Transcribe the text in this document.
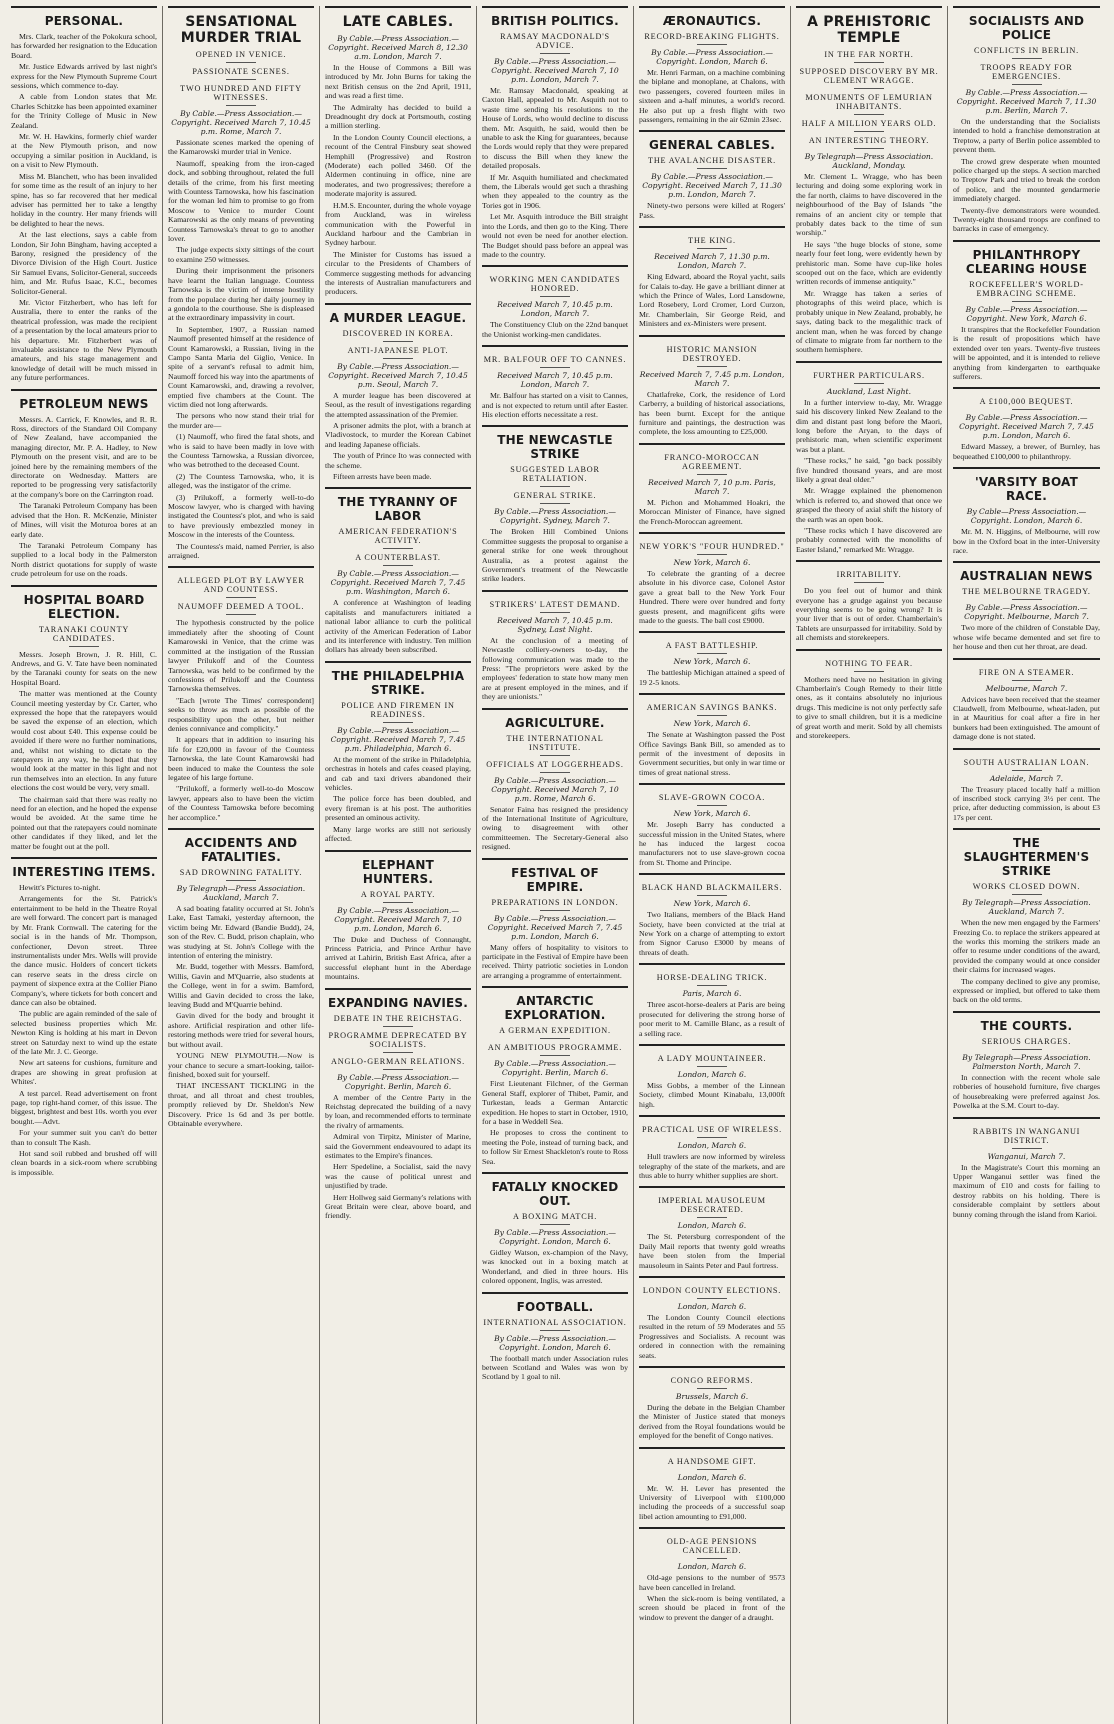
PERSONAL.

Mrs. Clark, teacher of the Pokokura school, has forwarded her resignation to the Education Board.

Mr. Justice Edwards arrived by last night's express for the New Plymouth Supreme Court sessions, which commence to-day.

A cable from London states that Mr. Charles Schitzke has been appointed examiner for the Trinity College of Music in New Zealand.

Mr. W. H. Hawkins, formerly chief warder at the New Plymouth prison, and now occupying a similar position in Auckland, is on a visit to New Plymouth.

Miss M. Blanchett, who has been invalided for some time as the result of an injury to her spine, has so far recovered that her medical adviser has permitted her to take a lengthy holiday in the country. Her many friends will be delighted to hear the news.

At the last elections, says a cable from London, Sir John Bingham, having accepted a Barony, resigned the presidency of the Divorce Division of the High Court. Justice Sir Samuel Evans, Solicitor-General, succeeds him, and Mr. Rufus Isaac, K.C., becomes Solicitor-General.

Mr. Victor Fitzherbert, who has left for Australia, there to enter the ranks of the theatrical profession, was made the recipient of a presentation by the local amateurs prior to his departure. Mr. Fitzherbert was of invaluable assistance to the New Plymouth amateurs, and his stage management and knowledge of detail will be much missed in any future performances.

PETROLEUM NEWS

Messrs. A. Carrick, F. Knowles, and R. R. Ross, directors of the Standard Oil Company of New Zealand, have accompanied the managing director, Mr. P. A. Hadley, to New Plymouth on the present visit, and are to be joined here by the remaining members of the directorate on Wednesday. Matters are reported to be progressing very satisfactorily at the company's bore on the Carrington road.

The Taranaki Petroleum Company has been advised that the Hon. R. McKenzie, Minister of Mines, will visit the Moturoa bores at an early date.

The Taranaki Petroleum Company has supplied to a local body in the Palmerston North district quotations for supply of waste crude petroleum for use on the roads.

HOSPITAL BOARD ELECTION.
TARANAKI COUNTY CANDIDATES.

Messrs. Joseph Brown, J. R. Hill, C. Andrews, and G. V. Tate have been nominated by the Taranaki county for seats on the new Hospital Board.

The matter was mentioned at the County Council meeting yesterday by Cr. Carter, who expressed the hope that the ratepayers would be saved the expense of an election, which would cost about £40. This expense could be avoided if there were no further nominations, and, whilst not wishing to dictate to the ratepayers in any way, he hoped that they would look at the matter in this light and not run themselves into an election. In any future elections the cost would be very, very small.

The chairman said that there was really no need for an election, and he hoped the expense would be avoided. At the same time he pointed out that the ratepayers could nominate other candidates if they liked, and let the matter be fought out at the poll.

INTERESTING ITEMS.

Hewitt's Pictures to-night.

Arrangements for the St. Patrick's entertainment to be held in the Theatre Royal are well forward. The concert part is managed by Mr. Frank Cornwall. The catering for the social is in the hands of Mr. Thompson, confectioner, Devon street. Three instrumentalists under Mrs. Wells will provide the dance music. Holders of concert tickets can reserve seats in the dress circle on payment of sixpence extra at the Collier Piano Company's, where tickets for both concert and dance can also be obtained.

The public are again reminded of the sale of selected business properties which Mr. Newton King is holding at his mart in Devon street on Saturday next to wind up the estate of the late Mr. J. C. George.

New art sateens for cushions, furniture and drapes are showing in great profusion at Whites'.

A test parcel. Read advertisement on front page, top right-hand corner, of this issue. The biggest, brightest and best 10s. worth you ever bought.—Advt.

For your summer suit you can't do better than to consult The Kash.

Hot sand soil rubbed and brushed off will clean boards in a sick-room where scrubbing is impossible.

SENSATIONAL MURDER TRIAL
OPENED IN VENICE.
PASSIONATE SCENES.
TWO HUNDRED AND FIFTY WITNESSES.
By Cable.—Press Association.—Copyright. Received March 7, 10.45 p.m. Rome, March 7.

Passionate scenes marked the opening of the Kamarowski murder trial in Venice.

Naumoff, speaking from the iron-caged dock, and sobbing throughout, related the full details of the crime, from his first meeting with Countess Tarnowska, how his fascination for the woman led him to promise to go from Moscow to Venice to murder Count Kamarowski as the only means of preventing Countess Tarnowska's threat to go to another lover.

The judge expects sixty sittings of the court to examine 250 witnesses.

During their imprisonment the prisoners have learnt the Italian language. Countess Tarnowska is the victim of intense hostility from the populace during her daily journey in a gondola to the courthouse. She is displeased at the extraordinary impassivity in court.

In September, 1907, a Russian named Naumoff presented himself at the residence of Count Kamarowski, a Russian, living in the Campo Santa Maria del Giglio, Venice. In spite of a servant's refusal to admit him, Naumoff forced his way into the apartments of Count Kamarowski, and, drawing a revolver, emptied five chambers at the Count. The victim died not long afterwards.

The persons who now stand their trial for the murder are—

(1) Naumoff, who fired the fatal shots, and who is said to have been madly in love with the Countess Tarnowska, a Russian divorcee, who was betrothed to the deceased Count.

(2) The Countess Tarnowska, who, it is alleged, was the instigator of the crime.

(3) Prilukoff, a formerly well-to-do Moscow lawyer, who is charged with having instigated the Countess's plot, and who is said to have previously embezzled money in Moscow in the interests of the Countess.

The Countess's maid, named Perrier, is also arraigned.

ALLEGED PLOT BY LAWYER AND COUNTESS.
NAUMOFF DEEMED A TOOL.

The hypothesis constructed by the police immediately after the shooting of Count Kamarowski in Venice, that the crime was committed at the instigation of the Russian lawyer Prilukoff and of the Countess Tarnowska, was held to be confirmed by the confessions of Prilukoff and the Countess Tarnowska themselves.

"Each [wrote The Times' correspondent] seeks to throw as much as possible of the responsibility upon the other, but neither denies connivance and complicity."

It appears that in addition to insuring his life for £20,000 in favour of the Countess Tarnowska, the late Count Kamarowski had been induced to make the Countess the sole legatee of his large fortune.

"Prilukoff, a formerly well-to-do Moscow lawyer, appears also to have been the victim of the Countess Tarnowska before becoming her accomplice."

ACCIDENTS AND FATALITIES.
SAD DROWNING FATALITY.
By Telegraph—Press Association. Auckland, March 7.

A sad boating fatality occurred at St. John's Lake, East Tamaki, yesterday afternoon, the victim being Mr. Edward (Bandie Budd), 24, son of the Rev. C. Budd, prison chaplain, who was studying at St. John's College with the intention of entering the ministry.

Mr. Budd, together with Messrs. Bamford, Willis, Gavin and M'Quarrie, also students at the College, went in for a swim. Bamford, Willis and Gavin decided to cross the lake, leaving Budd and M'Quarrie behind.

Gavin dived for the body and brought it ashore. Artificial respiration and other life-restoring methods were tried for several hours, but without avail.

YOUNG NEW PLYMOUTH.—Now is your chance to secure a smart-looking, tailor-finished, boxed suit for yourself.

THAT INCESSANT TICKLING in the throat, and all throat and chest troubles, promptly relieved by Dr. Sheldon's New Discovery. Price 1s 6d and 3s per bottle. Obtainable everywhere.

LATE CABLES.
By Cable.—Press Association.—Copyright. Received March 8, 12.30 a.m. London, March 7.

In the House of Commons a Bill was introduced by Mr. John Burns for taking the next British census on the 2nd April, 1911, and was read a first time.

The Admiralty has decided to build a Dreadnought dry dock at Portsmouth, costing a million sterling.

In the London County Council elections, a recount of the Central Finsbury seat showed Hemphill (Progressive) and Rostron (Moderate) each polled 3460. Of the Aldermen continuing in office, nine are moderates, and two progressives; therefore a moderate majority is assured.

H.M.S. Encounter, during the whole voyage from Auckland, was in wireless communication with the Powerful in Auckland harbour and the Cambrian in Sydney harbour.

The Minister for Customs has issued a circular to the Presidents of Chambers of Commerce suggesting methods for advancing the interests of Australian manufacturers and producers.

A MURDER LEAGUE.
DISCOVERED IN KOREA.
ANTI-JAPANESE PLOT.
By Cable.—Press Association.—Copyright. Received March 7, 10.45 p.m. Seoul, March 7.

A murder league has been discovered at Seoul, as the result of investigations regarding the attempted assassination of the Premier.

A prisoner admits the plot, with a branch at Vladivostock, to murder the Korean Cabinet and leading Japanese officials.

The youth of Prince Ito was connected with the scheme.

Fifteen arrests have been made.

THE TYRANNY OF LABOR
AMERICAN FEDERATION'S ACTIVITY.
A COUNTERBLAST.
By Cable.—Press Association.—Copyright. Received March 7, 7.45 p.m. Washington, March 6.

A conference at Washington of leading capitalists and manufacturers initiated a national labor alliance to curb the political activity of the American Federation of Labor and its interference with industry. Ten million dollars has already been subscribed.

THE PHILADELPHIA STRIKE.
POLICE AND FIREMEN IN READINESS.
By Cable.—Press Association.—Copyright. Received March 7, 7.45 p.m. Philadelphia, March 6.

At the moment of the strike in Philadelphia, orchestras in hotels and cafes ceased playing, and cab and taxi drivers abandoned their vehicles.

The police force has been doubled, and every fireman is at his post. The authorities presented an ominous activity.

Many large works are still not seriously affected.

ELEPHANT HUNTERS.
A ROYAL PARTY.
By Cable.—Press Association.—Copyright. Received March 7, 10 p.m. London, March 6.

The Duke and Duchess of Connaught, Princess Patricia, and Prince Arthur have arrived at Lahirin, British East Africa, after a successful elephant hunt in the Aberdage mountains.

EXPANDING NAVIES.
DEBATE IN THE REICHSTAG.
PROGRAMME DEPRECATED BY SOCIALISTS.
ANGLO-GERMAN RELATIONS.
By Cable.—Press Association.—Copyright. Berlin, March 6.

A member of the Centre Party in the Reichstag deprecated the building of a navy by loan, and recommended efforts to terminate the rivalry of armaments.

Admiral von Tirpitz, Minister of Marine, said the Government endeavoured to adapt its estimates to the Empire's finances.

Herr Spedeline, a Socialist, said the navy was the cause of political unrest and unjustified by trade.

Herr Hollweg said Germany's relations with Great Britain were clear, above board, and friendly.

BRITISH POLITICS.
RAMSAY MACDONALD'S ADVICE.
By Cable.—Press Association.—Copyright. Received March 7, 10 p.m. London, March 7.

Mr. Ramsay Macdonald, speaking at Caxton Hall, appealed to Mr. Asquith not to waste time sending his resolutions to the House of Lords, who would decline to discuss them. Mr. Asquith, he said, would then be unable to ask the King for guarantees, because the Lords would reply that they were prepared to discuss the Bill when they knew the detailed proposals.

If Mr. Asquith humiliated and checkmated them, the Liberals would get such a thrashing when they appealed to the country as the Tories got in 1906.

Let Mr. Asquith introduce the Bill straight into the Lords, and then go to the King. There would not even be need for another election. The Budget should pass before an appeal was made to the country.

WORKING MEN CANDIDATES HONORED.
Received March 7, 10.45 p.m. London, March 7.

The Constituency Club on the 22nd banquet the Unionist working-men candidates.

MR. BALFOUR OFF TO CANNES.
Received March 7, 10.45 p.m. London, March 7.

Mr. Balfour has started on a visit to Cannes, and is not expected to return until after Easter. His election efforts necessitate a rest.

THE NEWCASTLE STRIKE
SUGGESTED LABOR RETALIATION.
GENERAL STRIKE.
By Cable.—Press Association.—Copyright. Sydney, March 7.

The Broken Hill Combined Unions Committee suggests the proposal to organise a general strike for one week throughout Australia, as a protest against the Government's treatment of the Newcastle strike leaders.

STRIKERS' LATEST DEMAND.
Received March 7, 10.45 p.m. Sydney, Last Night.

At the conclusion of a meeting of Newcastle colliery-owners to-day, the following communication was made to the Press: "The proprietors were asked by the employees' federation to state how many men are at present employed in the mines, and if they are unionists."

AGRICULTURE.
THE INTERNATIONAL INSTITUTE.
OFFICIALS AT LOGGERHEADS.
By Cable.—Press Association.—Copyright. Received March 7, 10 p.m. Rome, March 6.

Senator Faina has resigned the presidency of the International Institute of Agriculture, owing to disagreement with other committeemen. The Secretary-General also resigned.

FESTIVAL OF EMPIRE.
PREPARATIONS IN LONDON.
By Cable.—Press Association.—Copyright. Received March 7, 7.45 p.m. London, March 6.

Many offers of hospitality to visitors to participate in the Festival of Empire have been received. Thirty patriotic societies in London are arranging a programme of entertainment.

ANTARCTIC EXPLORATION.
A GERMAN EXPEDITION.
AN AMBITIOUS PROGRAMME.
By Cable.—Press Association.—Copyright. Berlin, March 6.

First Lieutenant Filchner, of the German General Staff, explorer of Thibet, Pamir, and Turkestan, leads a German Antarctic expedition. He hopes to start in October, 1910, for a base in Weddell Sea.

He proposes to cross the continent to meeting the Pole, instead of turning back, and to follow Sir Ernest Shackleton's route to Ross Sea.

FATALLY KNOCKED OUT.
A BOXING MATCH.
By Cable.—Press Association.—Copyright. London, March 6.

Gidley Watson, ex-champion of the Navy, was knocked out in a boxing match at Wonderland, and died in three hours. His colored opponent, Inglis, was arrested.

FOOTBALL.
INTERNATIONAL ASSOCIATION.
By Cable.—Press Association.—Copyright. London, March 6.

The football match under Association rules between Scotland and Wales was won by Scotland by 1 goal to nil.

ÆRONAUTICS.
RECORD-BREAKING FLIGHTS.
By Cable.—Press Association.—Copyright. London, March 6.

Mr. Henri Farman, on a machine combining the biplane and monoplane, at Chalons, with two passengers, covered fourteen miles in sixteen and a-half minutes, a world's record. He also put up a fresh flight with two passengers, remaining in the air 62min 23sec.

GENERAL CABLES.
THE AVALANCHE DISASTER.
By Cable.—Press Association.—Copyright. Received March 7, 11.30 p.m. London, March 7.

Ninety-two persons were killed at Rogers' Pass.

THE KING.
Received March 7, 11.30 p.m. London, March 7.

King Edward, aboard the Royal yacht, sails for Calais to-day. He gave a brilliant dinner at which the Prince of Wales, Lord Lansdowne, Lord Rosebery, Lord Cromer, Lord Curzon, Mr. Chamberlain, Sir George Reid, and Ministers and ex-Ministers were present.

HISTORIC MANSION DESTROYED.
Received March 7, 7.45 p.m. London, March 7.

Chatlafreke, Cork, the residence of Lord Carberry, a building of historical associations, has been burnt. Except for the antique furniture and paintings, the destruction was complete, the loss amounting to £25,000.

FRANCO-MOROCCAN AGREEMENT.
Received March 7, 10 p.m. Paris, March 7.

M. Pichon and Mohammed Hoakri, the Moroccan Minister of Finance, have signed the French-Moroccan agreement.

NEW YORK'S "FOUR HUNDRED."
New York, March 6.

To celebrate the granting of a decree absolute in his divorce case, Colonel Astor gave a great ball to the New York Four Hundred. There were over hundred and forty guests present, and magnificent gifts were made to the guests. The ball cost £9000.

A FAST BATTLESHIP.
New York, March 6.

The battleship Michigan attained a speed of 19 2-5 knots.

AMERICAN SAVINGS BANKS.
New York, March 6.

The Senate at Washington passed the Post Office Savings Bank Bill, so amended as to permit of the investment of deposits in Government securities, but only in war time or times of great national stress.

SLAVE-GROWN COCOA.
New York, March 6.

Mr. Joseph Barry has conducted a successful mission in the United States, where he has induced the largest cocoa manufacturers not to use slave-grown cocoa from St. Thome and Principe.

BLACK HAND BLACKMAILERS.
New York, March 6.

Two Italians, members of the Black Hand Society, have been convicted at the trial at New York on a charge of attempting to extort from Signor Caruso £3000 by means of threats of death.

HORSE-DEALING TRICK.
Paris, March 6.

Three ascot-horse-dealers at Paris are being prosecuted for delivering the strong horse of poor merit to M. Camille Blanc, as a result of a selling race.

A LADY MOUNTAINEER.
London, March 6.

Miss Gobbs, a member of the Linnean Society, climbed Mount Kinabalu, 13,000ft high.

PRACTICAL USE OF WIRELESS.
London, March 6.

Hull trawlers are now informed by wireless telegraphy of the state of the markets, and are thus able to hurry whither supplies are short.

IMPERIAL MAUSOLEUM DESECRATED.
London, March 6.

The St. Petersburg correspondent of the Daily Mail reports that twenty gold wreaths have been stolen from the Imperial mausoleum in Saints Peter and Paul fortress.

LONDON COUNTY ELECTIONS.
London, March 6.

The London County Council elections resulted in the return of 59 Moderates and 55 Progressives and Socialists. A recount was ordered in connection with the remaining seats.

CONGO REFORMS.
Brussels, March 6.

During the debate in the Belgian Chamber the Minister of Justice stated that moneys derived from the Royal foundations would be employed for the benefit of Congo natives.

A HANDSOME GIFT.
London, March 6.

Mr. W. H. Lever has presented the University of Liverpool with £100,000 including the proceeds of a successful soap libel action amounting to £91,000.

OLD-AGE PENSIONS CANCELLED.
London, March 6.

Old-age pensions to the number of 9573 have been cancelled in Ireland.

When the sick-room is being ventilated, a screen should be placed in front of the window to prevent the danger of a draught.

A PREHISTORIC TEMPLE
IN THE FAR NORTH.
SUPPOSED DISCOVERY BY MR. CLEMENT WRAGGE.
MONUMENTS OF LEMURIAN INHABITANTS.
HALF A MILLION YEARS OLD.
AN INTERESTING THEORY.
By Telegraph—Press Association. Auckland, Monday.

Mr. Clement L. Wragge, who has been lecturing and doing some exploring work in the far north, claims to have discovered in the neighbourhood of the Bay of Islands "the remains of an ancient city or temple that probably dates back to the time of sun worship."

He says "the huge blocks of stone, some nearly four feet long, were evidently hewn by prehistoric man. Some have cup-like holes scooped out on the face, which are evidently written records of immense antiquity."

Mr. Wragge has taken a series of photographs of this weird place, which is probably unique in New Zealand, probably, he says, dating back to the megalithic track of ancient man, when he was forced by change of climate to migrate from far northern to the southern hemisphere.

FURTHER PARTICULARS.
Auckland, Last Night.

In a further interview to-day, Mr. Wragge said his discovery linked New Zealand to the dim and distant past long before the Maori, long before the Aryan, to the days of prehistoric man, when scientific experiment was but a plant.

"These rocks," he said, "go back possibly five hundred thousand years, and are most likely a great deal older."

Mr. Wragge explained the phenomenon which is referred to, and showed that once we grasped the theory of axial shift the history of the earth was an open book.

"These rocks which I have discovered are probably connected with the monoliths of Easter Island," remarked Mr. Wragge.

IRRITABILITY.

Do you feel out of humor and think everyone has a grudge against you because everything seems to be going wrong? It is your liver that is out of order. Chamberlain's Tablets are unsurpassed for irritability. Sold by all chemists and storekeepers.

NOTHING TO FEAR.

Mothers need have no hesitation in giving Chamberlain's Cough Remedy to their little ones, as it contains absolutely no injurious drugs. This medicine is not only perfectly safe to give to small children, but it is a medicine of great worth and merit. Sold by all chemists and storekeepers.

SOCIALISTS AND POLICE
CONFLICTS IN BERLIN.
TROOPS READY FOR EMERGENCIES.
By Cable.—Press Association.—Copyright. Received March 7, 11.30 p.m. Berlin, March 7.

On the understanding that the Socialists intended to hold a franchise demonstration at Treptow, a party of Berlin police assembled to prevent them.

The crowd grew desperate when mounted police charged up the steps. A section marched to Treptow Park and tried to break the cordon of police, and the mounted gendarmerie immediately charged.

Twenty-five demonstrators were wounded. Twenty-eight thousand troops are confined to barracks in case of emergency.

PHILANTHROPY CLEARING HOUSE
ROCKEFELLER'S WORLD-EMBRACING SCHEME.
By Cable.—Press Association.—Copyright. New York, March 6.

It transpires that the Rockefeller Foundation is the result of propositions which have extended over ten years. Twenty-five trustees will be appointed, and it is intended to relieve anything from kindergarten to earthquake sufferers.

A £100,000 BEQUEST.
By Cable.—Press Association.—Copyright. Received March 7, 7.45 p.m. London, March 6.

Edward Massey, a brewer, of Burnley, has bequeathed £100,000 to philanthropy.

'VARSITY BOAT RACE.
By Cable—Press Association.—Copyright. London, March 6.

Mr. M. N. Higgins, of Melbourne, will row bow in the Oxford boat in the inter-University race.

AUSTRALIAN NEWS
THE MELBOURNE TRAGEDY.
By Cable.—Press Association.—Copyright. Melbourne, March 7.

Two more of the children of Constable Day, whose wife became demented and set fire to her house and then cut her throat, are dead.

FIRE ON A STEAMER.
Melbourne, March 7.

Advices have been received that the steamer Claudwell, from Melbourne, wheat-laden, put in at Mauritius for coal after a fire in her bunkers had been extinguished. The amount of damage done is not stated.

SOUTH AUSTRALIAN LOAN.
Adelaide, March 7.

The Treasury placed locally half a million of inscribed stock carrying 3½ per cent. The price, after deducting commission, is about £3 17s per cent.

THE SLAUGHTERMEN'S STRIKE
WORKS CLOSED DOWN.
By Telegraph—Press Association. Auckland, March 7.

When the new men engaged by the Farmers' Freezing Co. to replace the strikers appeared at the works this morning the strikers made an offer to resume under conditions of the award, provided the company would at once consider their claims for increased wages.

The company declined to give any promise, expressed or implied, but offered to take them back on the old terms.

THE COURTS.
SERIOUS CHARGES.
By Telegraph—Press Association. Palmerston North, March 7.

In connection with the recent whole sale robberies of household furniture, five charges of housebreaking were preferred against Jos. Powelka at the S.M. Court to-day.

RABBITS IN WANGANUI DISTRICT.
Wanganui, March 7.

In the Magistrate's Court this morning an Upper Wanganui settler was fined the maximum of £10 and costs for failing to destroy rabbits on his holding. There is considerable complaint by settlers about bunny coming through the island from Karioi.
